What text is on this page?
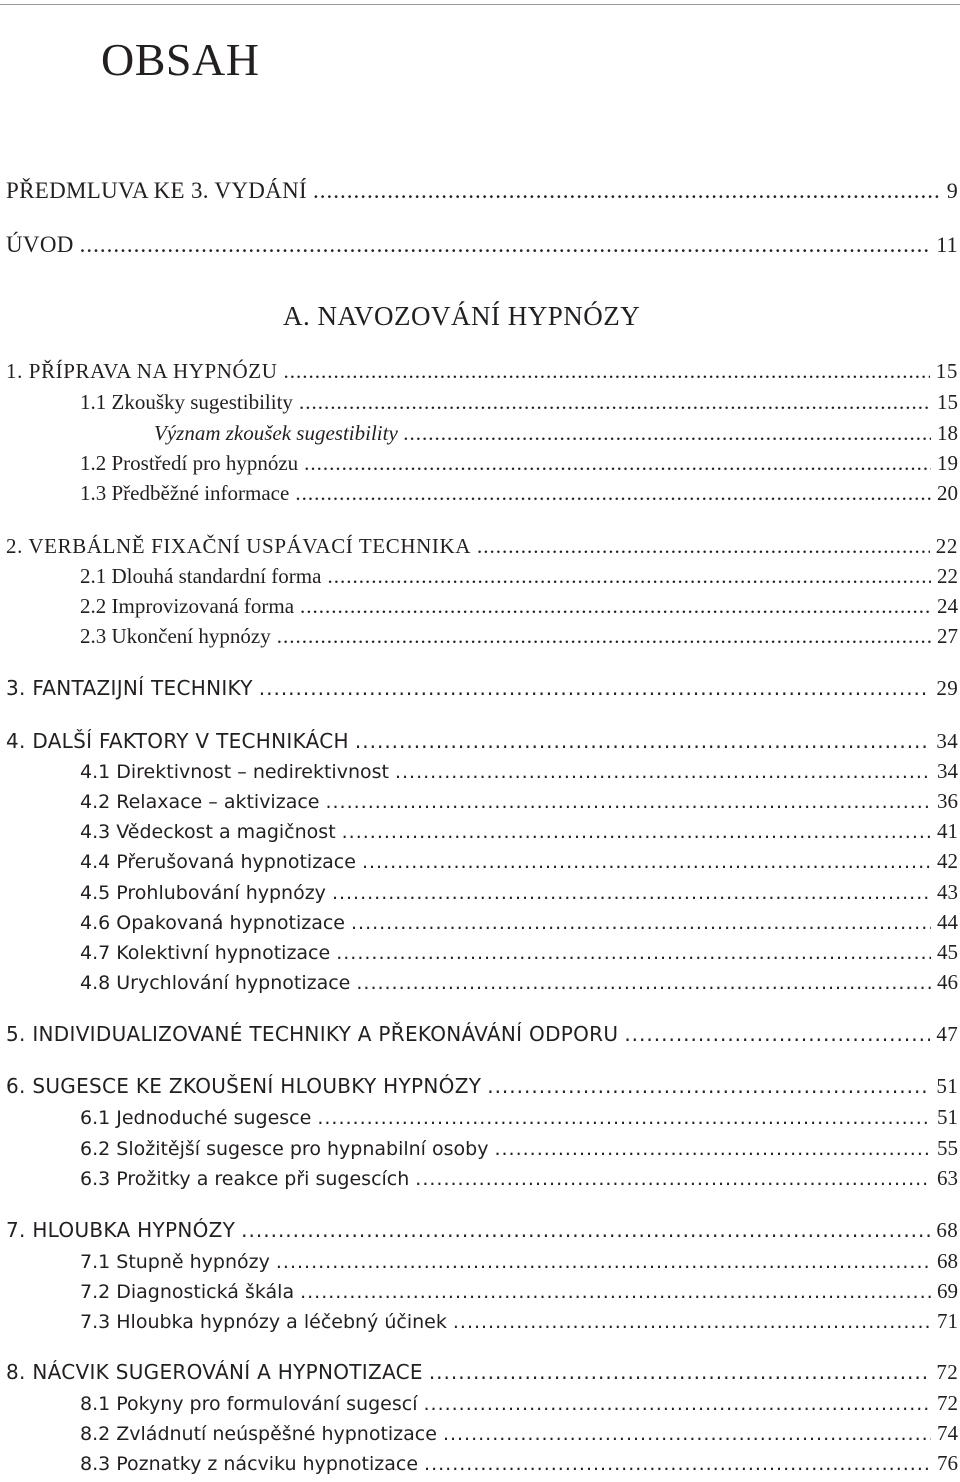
OBSAH
PŘEDMLUVA KE 3. VYDÁNÍ .....	9
ÚVOD .....	11
A. NAVOZOVÁNÍ HYPNÓZY
1. PŘÍPRAVA NA HYPNÓZU .....	15
1.1 Zkoušky sugestibility .....	15
Význam zkoušek sugestibility .....	18
1.2 Prostředí pro hypnózu .....	19
1.3 Předběžné informace .....	20
2. VERBÁLNĚ FIXAČNÍ USPÁVACÍ TECHNIKA .....	22
2.1 Dlouhá standardní forma .....	22
2.2 Improvizovaná forma .....	24
2.3 Ukončení hypnózy .....	27
3. FANTAZIJNÍ TECHNIKY .....	29
4. DALŠÍ FAKTORY V TECHNIKÁCH .....	34
4.1 Direktivnost – nedirektivnost .....	34
4.2 Relaxace – aktivizace .....	36
4.3 Vědeckost a magičnost .....	41
4.4 Přerušovaná hypnotizace .....	42
4.5 Prohlubování hypnózy .....	43
4.6 Opakovaná hypnotizace .....	44
4.7 Kolektivní hypnotizace .....	45
4.8 Urychlování hypnotizace .....	46
5. INDIVIDUALIZOVANÉ TECHNIKY A PŘEKONÁVÁNÍ ODPORU .....	47
6. SUGESCE KE ZKOUŠENÍ HLOUBKY HYPNÓZY .....	51
6.1 Jednoduché sugesce .....	51
6.2 Složitější sugesce pro hypnabilní osoby .....	55
6.3 Prožitky a reakce při sugescích .....	63
7. HLOUBKA HYPNÓZY .....	68
7.1 Stupně hypnózy .....	68
7.2 Diagnostická škála .....	69
7.3 Hloubka hypnózy a léčebný účinek .....	71
8. NÁCVIK SUGEROVÁNÍ A HYPNOTIZACE .....	72
8.1 Pokyny pro formulování sugescí .....	72
8.2 Zvládnutí neúspěšné hypnotizace .....	74
8.3 Poznatky z nácviku hypnotizace .....	76
